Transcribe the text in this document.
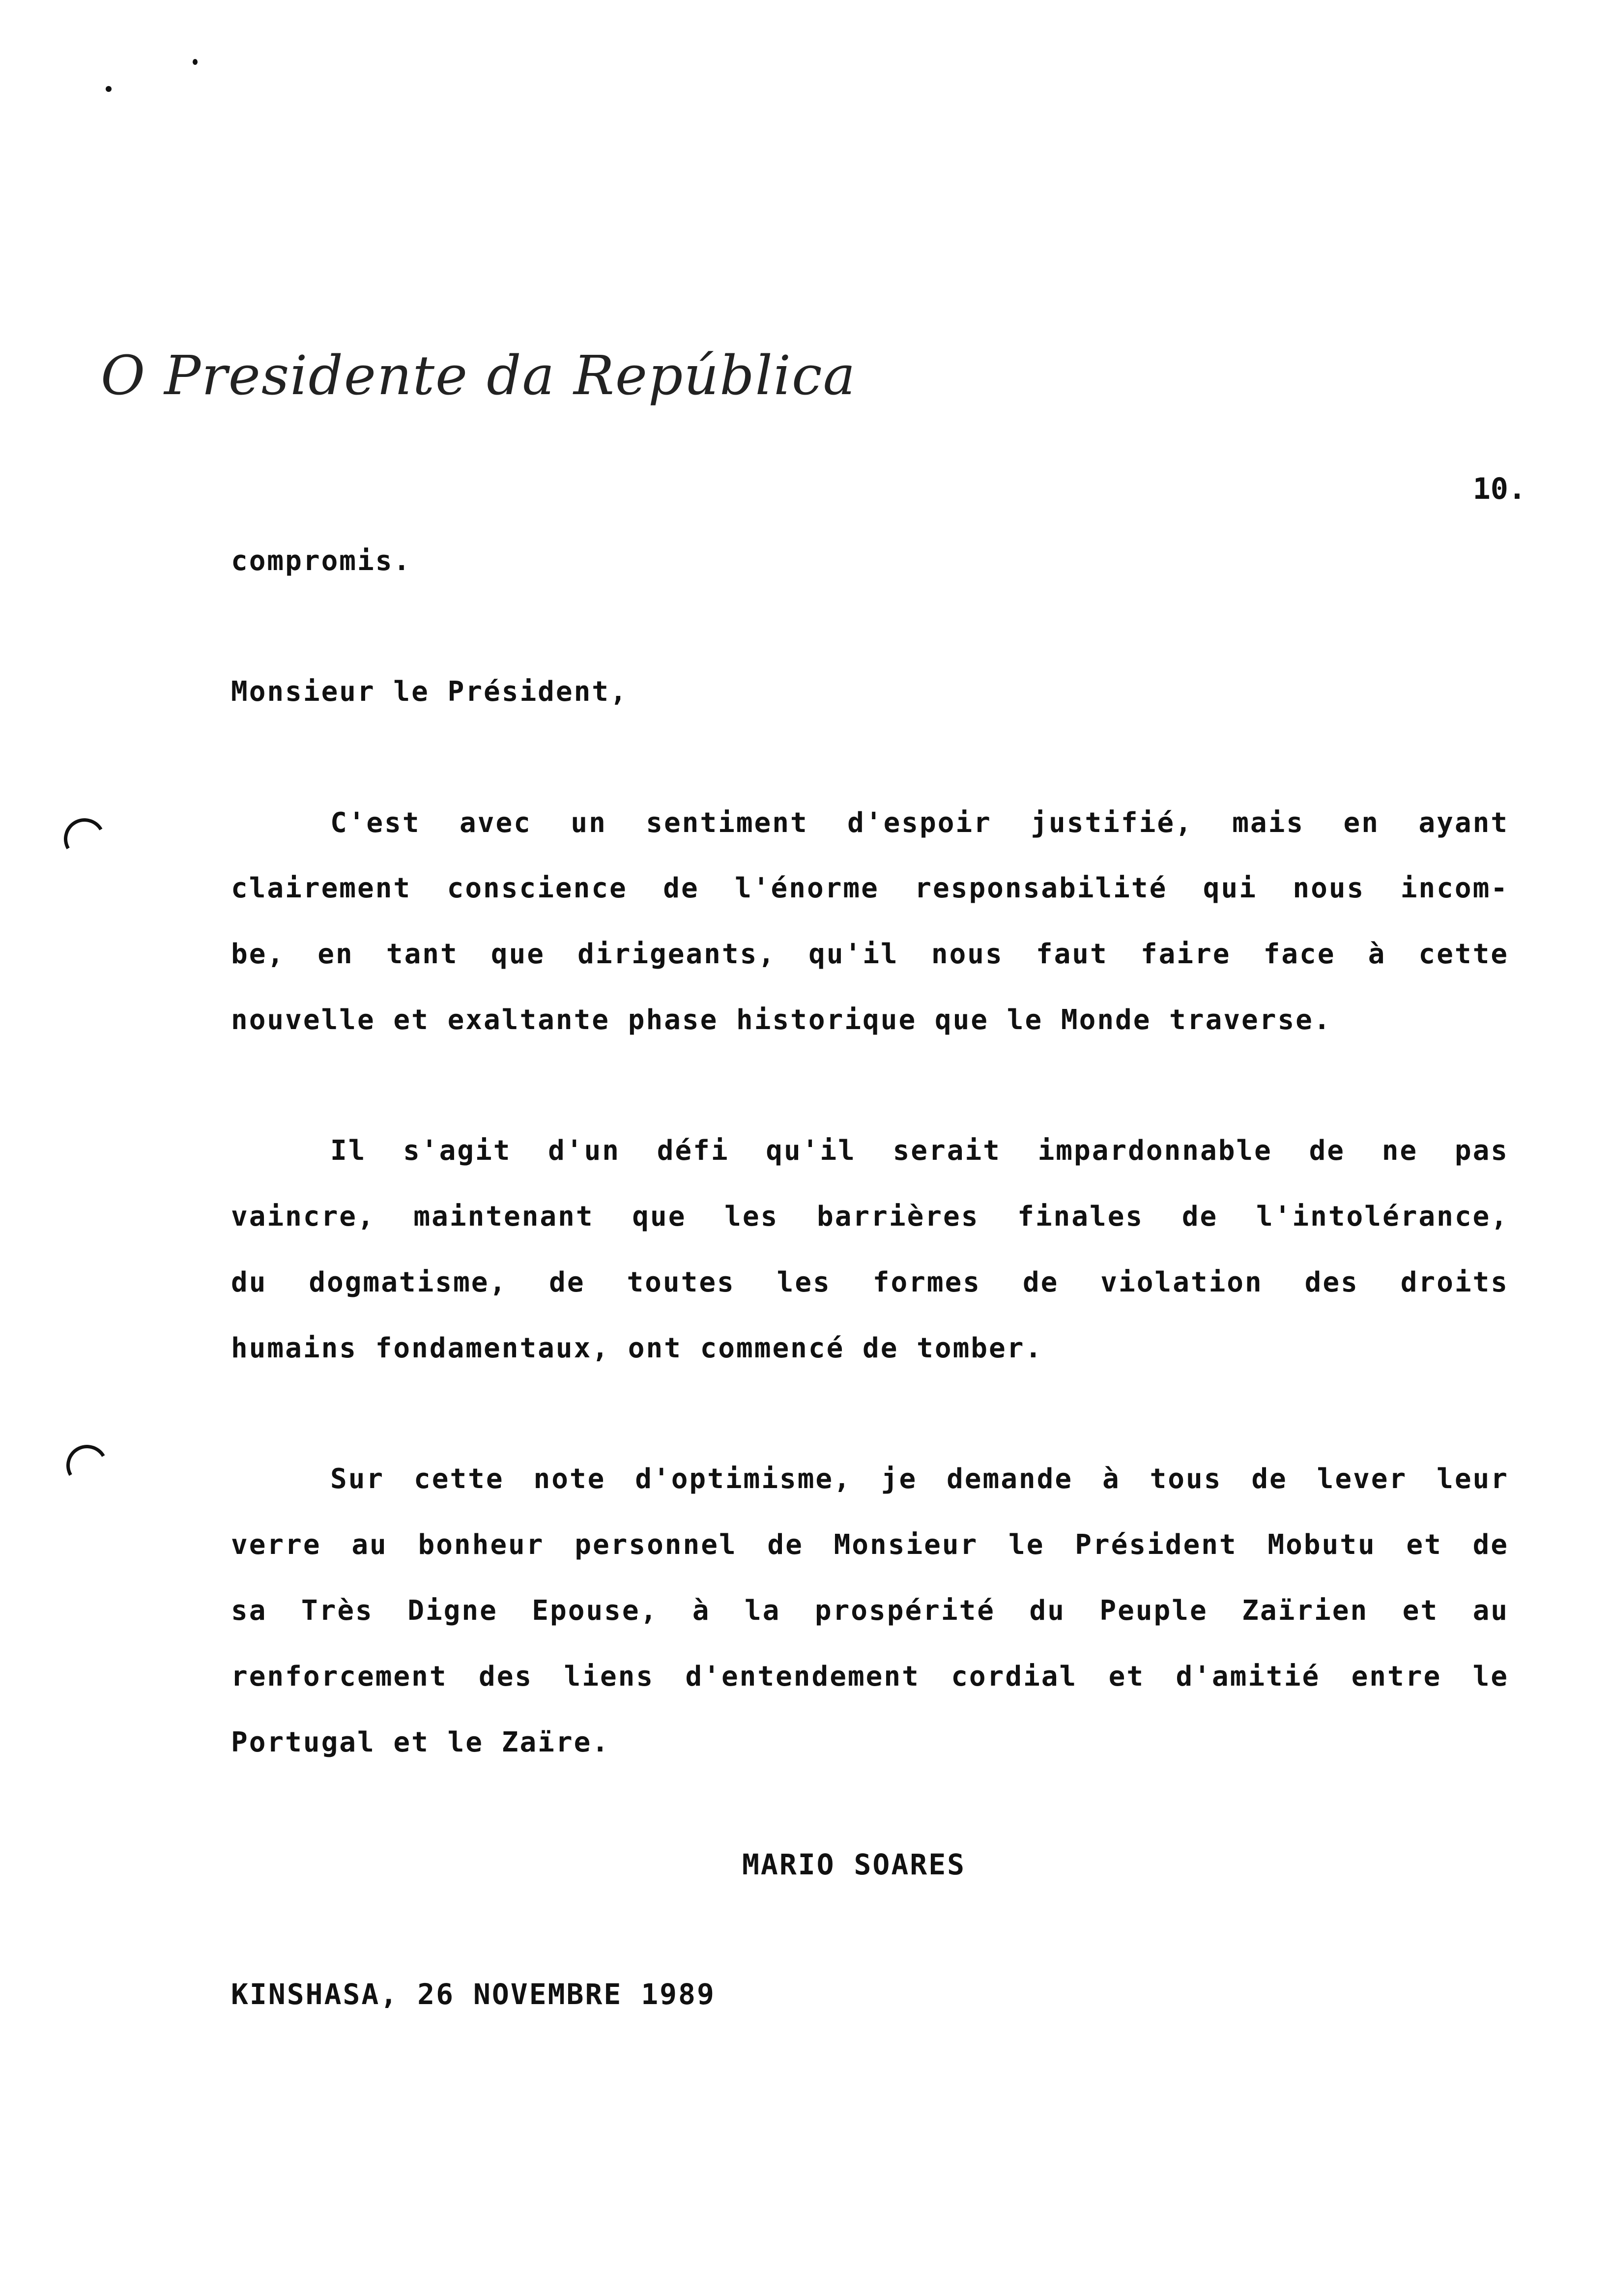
O Presidente da República
10.
compromis.
Monsieur le Président,
C'est avec un sentiment d'espoir justifié, mais en ayant
clairement conscience de l'énorme responsabilité qui nous incom-
be, en tant que dirigeants, qu'il nous faut faire face à cette
nouvelle et exaltante phase historique que le Monde traverse.
Il s'agit d'un défi qu'il serait impardonnable de ne pas
vaincre, maintenant que les barrières finales de l'intolérance,
du dogmatisme, de toutes les formes de violation des droits
humains fondamentaux, ont commencé de tomber.
Sur cette note d'optimisme, je demande à tous de lever leur
verre au bonheur personnel de Monsieur le Président Mobutu et de
sa Très Digne Epouse, à la prospérité du Peuple Zaïrien et au
renforcement des liens d'entendement cordial et d'amitié entre le
Portugal et le Zaïre.
MARIO SOARES
KINSHASA, 26 NOVEMBRE 1989
